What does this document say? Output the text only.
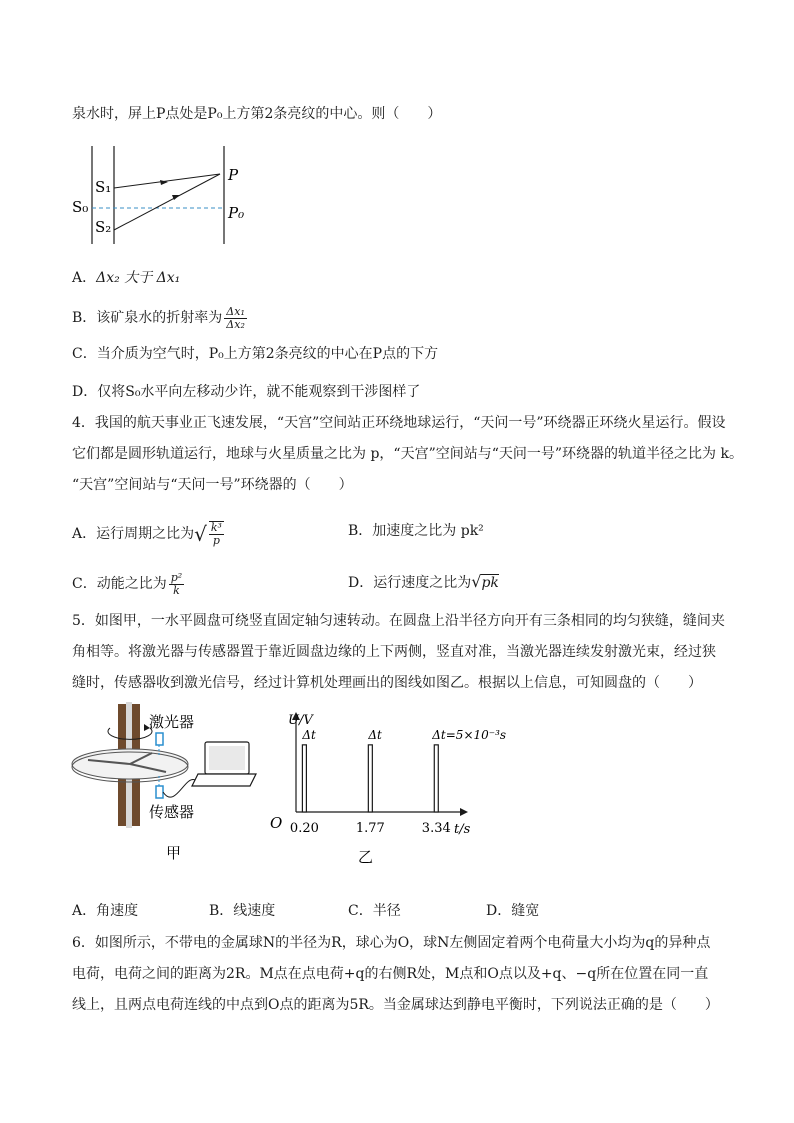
泉水时，屏上P点处是P₀上方第2条亮纹的中心。则（　　）
S₀
S₁
S₂
P
P₀
A．Δx₂ 大于 Δx₁
B．该矿泉水的折射率为 $\frac{\text{Δx₁}}{\text{Δx₂}}$
C．当介质为空气时，P₀上方第2条亮纹的中心在P点的下方
D．仅将S₀水平向左移动少许，就不能观察到干涉图样了
4．我国的航天事业正飞速发展，“天宫”空间站正环绕地球运行，“天问一号”环绕器正环绕火星运行。假设
它们都是圆形轨道运行，地球与火星质量之比为 p，“天宫”空间站与“天问一号”环绕器的轨道半径之比为 k。
“天宫”空间站与“天问一号”环绕器的（　　）
A．运行周期之比为√ $\frac{\text{k³}}{p}$	B．加速度之比为 pk²
C．动能之比为 $\frac{\text{p²}}{k}$	D．运行速度之比为√pk
5．如图甲，一水平圆盘可绕竖直固定轴匀速转动。在圆盘上沿半径方向开有三条相同的均匀狭缝，缝间夹
角相等。将激光器与传感器置于靠近圆盘边缘的上下两侧，竖直对准，当激光器连续发射激光束，经过狭
缝时，传感器收到激光信号，经过计算机处理画出的图线如图乙。根据以上信息，可知圆盘的（　　）
激光器
传感器
甲
U/V
t/s
O 0.20
Δt
1.77
Δt
3.34
Δt=5×10⁻³s
乙
A．角速度	B．线速度	C．半径	D．缝宽
6．如图所示，不带电的金属球N的半径为R，球心为O，球N左侧固定着两个电荷量大小均为q的异种点
电荷，电荷之间的距离为2R。M点在点电荷+q的右侧R处，M点和O点以及+q、−q所在位置在同一直
线上，且两点电荷连线的中点到O点的距离为5R。当金属球达到静电平衡时，下列说法正确的是（　　）
